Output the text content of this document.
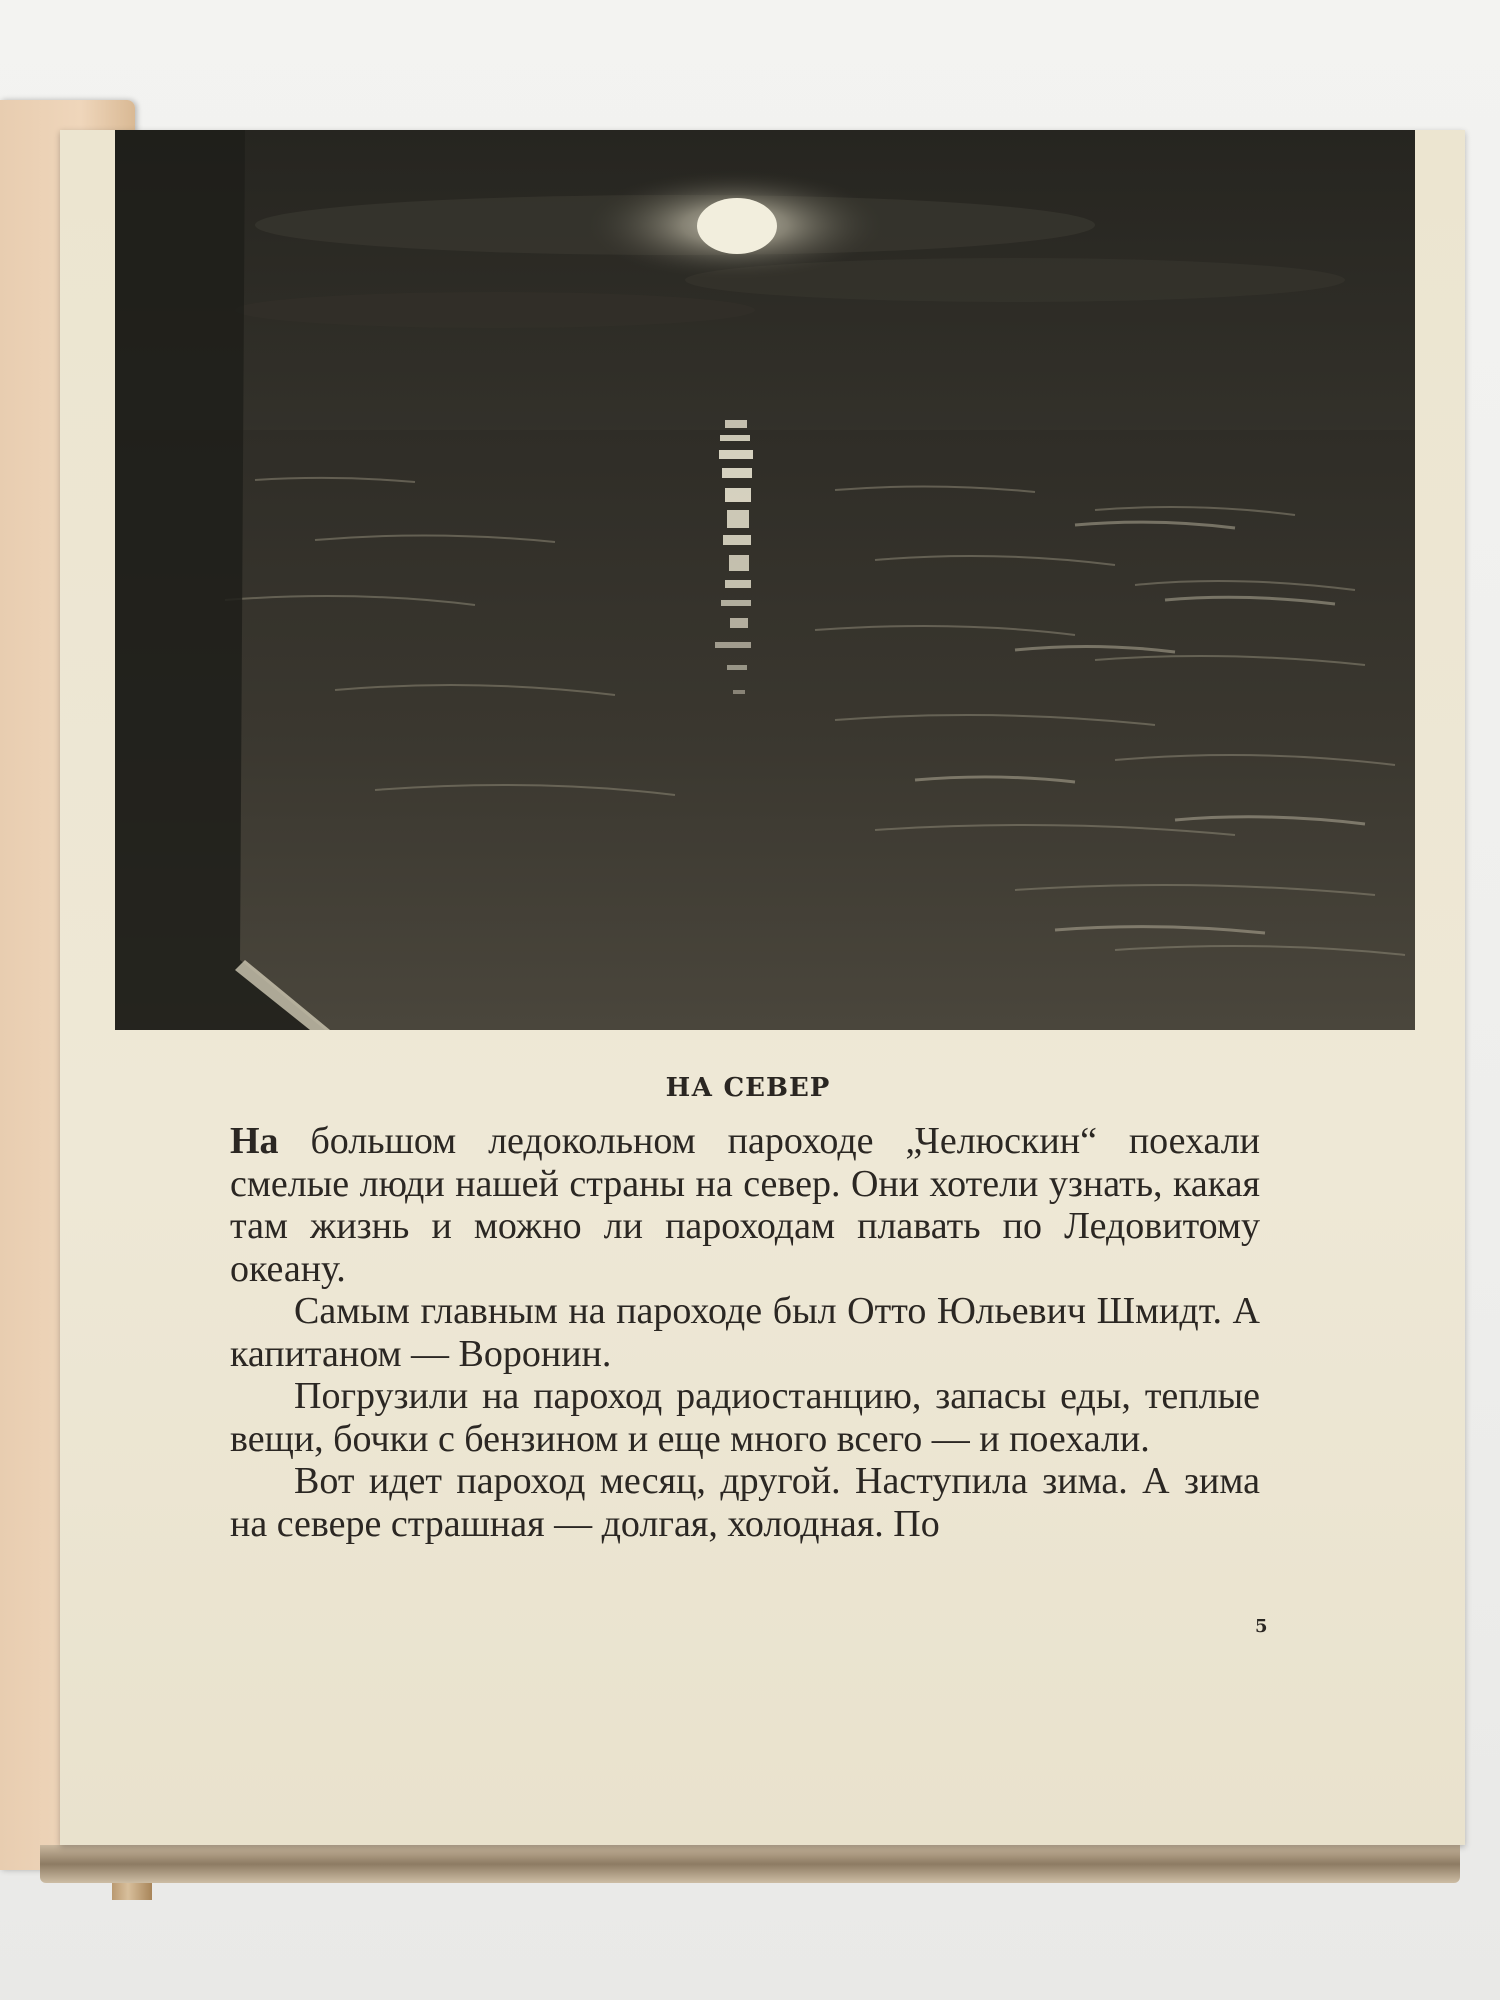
НА СЕВЕР

На большом ледокольном пароходе „Челюскин“ поехали смелые люди нашей страны на север. Они хотели узнать, какая там жизнь и можно ли пароходам плавать по Ледовитому океану.

Самым главным на пароходе был Отто Юльевич Шмидт. А капитаном — Воронин.

Погрузили на пароход радиостанцию, запасы еды, теплые вещи, бочки с бензином и еще много всего — и поехали.

Вот идет пароход месяц, другой. Наступила зима. А зима на севере страшная — долгая, холодная. По

5
